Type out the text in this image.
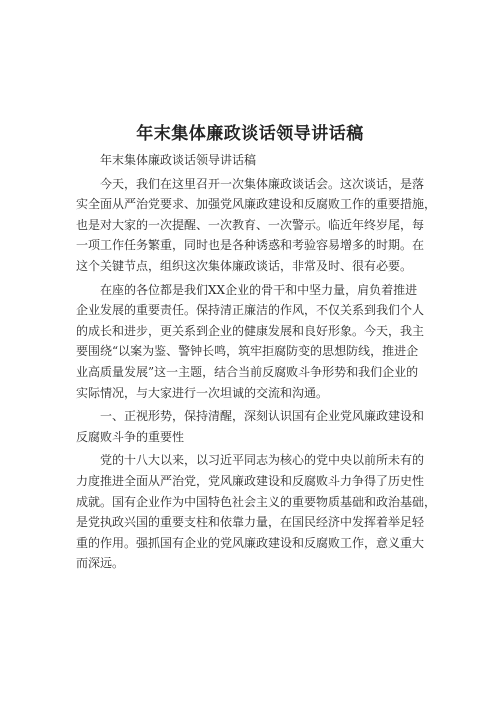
年末集体廉政谈话领导讲话稿

年末集体廉政谈话领导讲话稿

今天，我们在这里召开一次集体廉政谈话会。这次谈话，是落
实全面从严治党要求、加强党风廉政建设和反腐败工作的重要措施，
也是对大家的一次提醒、一次教育、一次警示。临近年终岁尾，每
一项工作任务繁重，同时也是各种诱惑和考验容易增多的时期。在
这个关键节点，组织这次集体廉政谈话，非常及时、很有必要。

在座的各位都是我们XX企业的骨干和中坚力量，肩负着推进
企业发展的重要责任。保持清正廉洁的作风，不仅关系到我们个人
的成长和进步，更关系到企业的健康发展和良好形象。今天，我主
要围绕“以案为鉴、警钟长鸣，筑牢拒腐防变的思想防线，推进企
业高质量发展”这一主题，结合当前反腐败斗争形势和我们企业的
实际情况，与大家进行一次坦诚的交流和沟通。

一、正视形势，保持清醒，深刻认识国有企业党风廉政建设和
反腐败斗争的重要性

党的十八大以来，以习近平同志为核心的党中央以前所未有的
力度推进全面从严治党，党风廉政建设和反腐败斗力争得了历史性
成就。国有企业作为中国特色社会主义的重要物质基础和政治基础，
是党执政兴国的重要支柱和依靠力量，在国民经济中发挥着举足轻
重的作用。强抓国有企业的党风廉政建设和反腐败工作，意义重大
而深远。
